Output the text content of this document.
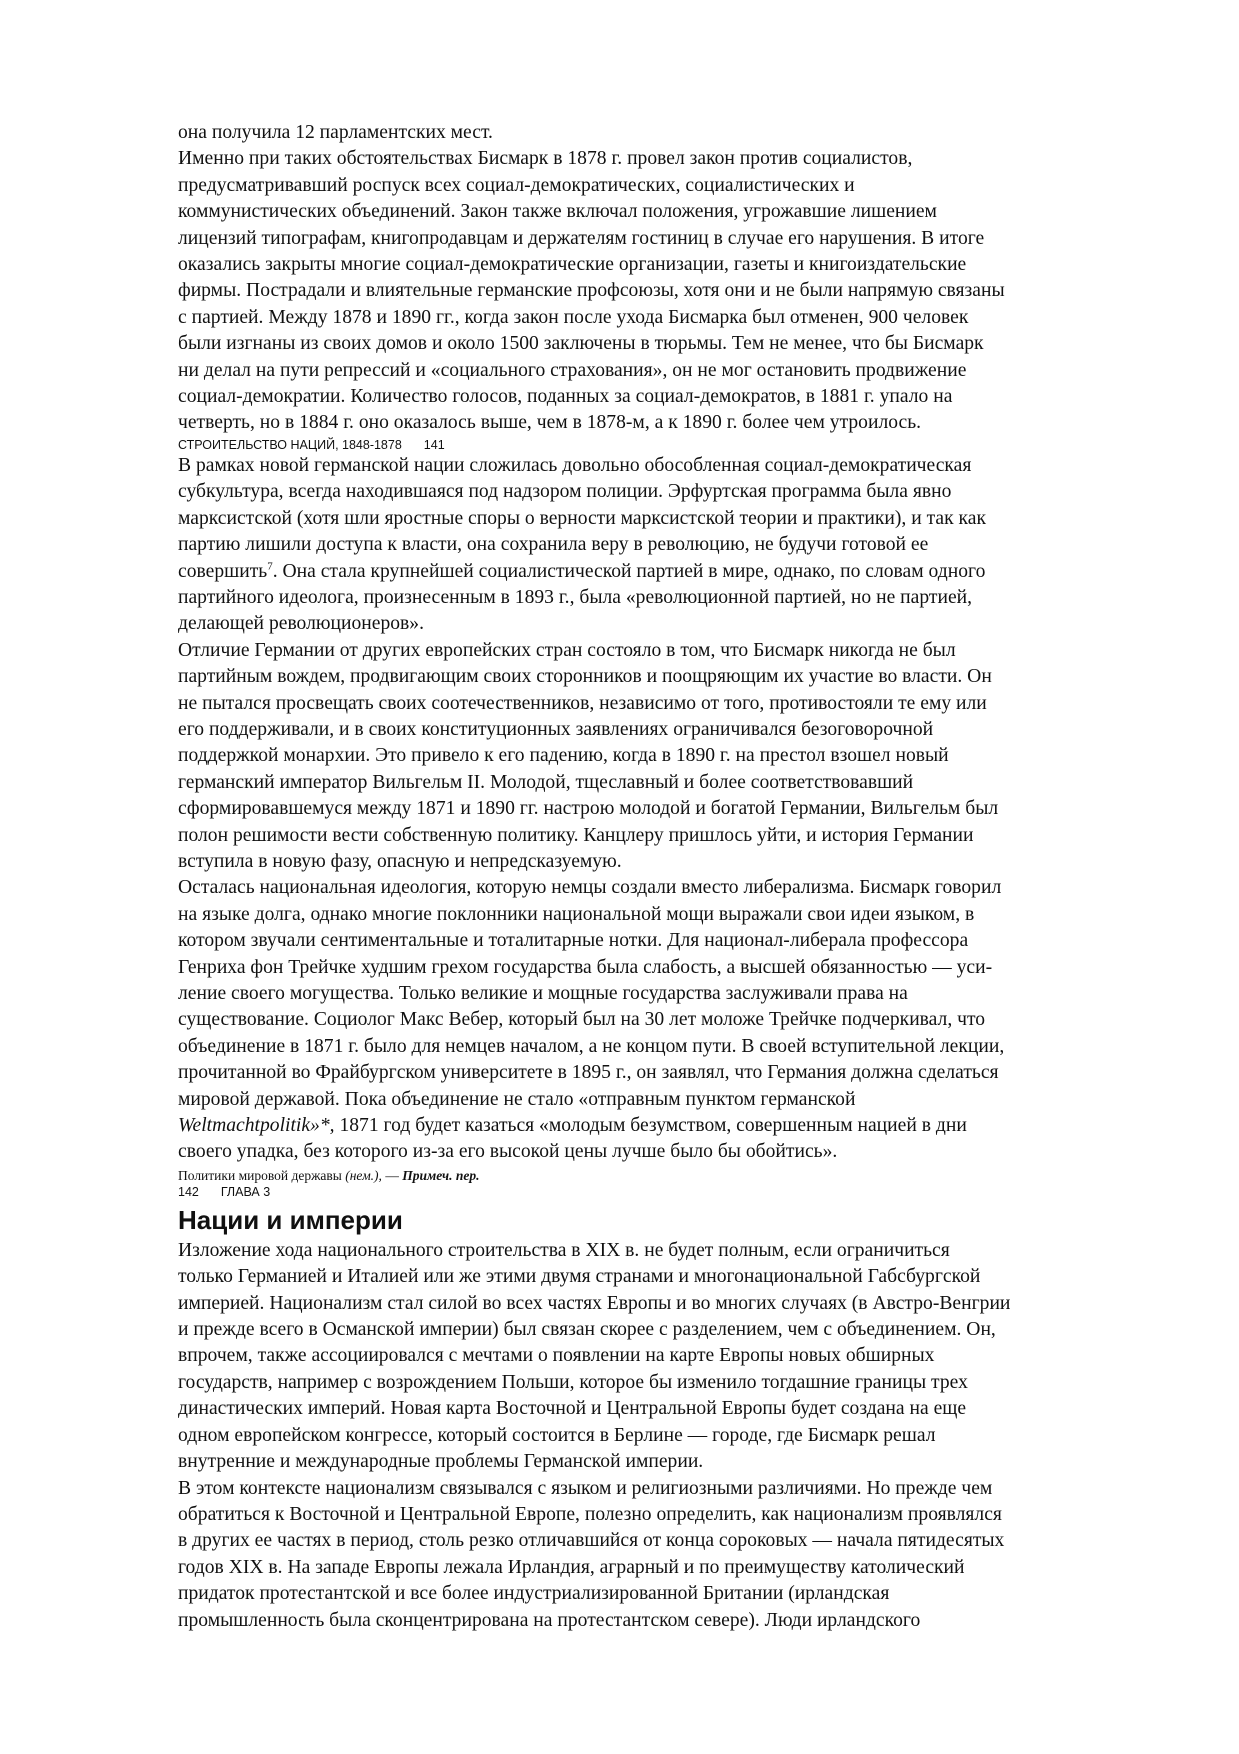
она получила 12 парламентских мест.
Именно при таких обстоятельствах Бисмарк в 1878 г. провел закон против социалистов,
предусматривавший роспуск всех социал-демократических, социалистических и
коммунистических объединений. Закон также включал положения, угрожавшие лишением
лицензий типографам, книгопродавцам и держателям гостиниц в случае его нарушения. В итоге
оказались закрыты многие социал-демократические организации, газеты и книгоиздательские
фирмы. Пострадали и влиятельные германские профсоюзы, хотя они и не были напрямую связаны
с партией. Между 1878 и 1890 гг., когда закон после ухода Бисмарка был отменен, 900 человек
были изгнаны из своих домов и около 1500 заключены в тюрьмы. Тем не менее, что бы Бисмарк
ни делал на пути репрессий и «социального страхования», он не мог остановить продвижение
социал-демократии. Количество голосов, поданных за социал-демократов, в 1881 г. упало на
четверть, но в 1884 г. оно оказалось выше, чем в 1878-м, а к 1890 г. более чем утроилось.
СТРОИТЕЛЬСТВО НАЦИЙ, 1848-1878 141
В рамках новой германской нации сложилась довольно обособленная социал-демократическая
субкультура, всегда находившаяся под надзором полиции. Эрфуртская программа была явно
марксистской (хотя шли яростные споры о верности марксистской теории и практики), и так как
партию лишили доступа к власти, она сохранила веру в революцию, не будучи готовой ее
совершить$^7$. Она стала крупнейшей социалистической партией в мире, однако, по словам одного
партийного идеолога, произнесенным в 1893 г., была «революционной партией, но не партией,
делающей революционеров».
Отличие Германии от других европейских стран состояло в том, что Бисмарк никогда не был
партийным вождем, продвигающим своих сторонников и поощряющим их участие во власти. Он
не пытался просвещать своих соотечественников, независимо от того, противостояли те ему или
его поддерживали, и в своих конституционных заявлениях ограничивался безоговорочной
поддержкой монархии. Это привело к его падению, когда в 1890 г. на престол взошел новый
германский император Вильгельм II. Молодой, тщеславный и более соответствовавший
сформировавшемуся между 1871 и 1890 гг. настрою молодой и богатой Германии, Вильгельм был
полон решимости вести собственную политику. Канцлеру пришлось уйти, и история Германии
вступила в новую фазу, опасную и непредсказуемую.
Осталась национальная идеология, которую немцы создали вместо либерализма. Бисмарк говорил
на языке долга, однако многие поклонники национальной мощи выражали свои идеи языком, в
котором звучали сентиментальные и тоталитарные нотки. Для национал-либерала профессора
Генриха фон Трейчке худшим грехом государства была слабость, а высшей обязанностью — уси-
ление своего могущества. Только великие и мощные государства заслуживали права на
существование. Социолог Макс Вебер, который был на 30 лет моложе Трейчке подчеркивал, что
объединение в 1871 г. было для немцев началом, а не концом пути. В своей вступительной лекции,
прочитанной во Фрайбургском университете в 1895 г., он заявлял, что Германия должна сделаться
мировой державой. Пока объединение не стало «отправным пунктом германской
Weltmachtpolitik»*, 1871 год будет казаться «молодым безумством, совершенным нацией в дни
своего упадка, без которого из-за его высокой цены лучше было бы обойтись».
Политики мировой державы (нем.), — Примеч. пер.
142 ГЛАВА 3
Нации и империи
Изложение хода национального строительства в XIX в. не будет полным, если ограничиться
только Германией и Италией или же этими двумя странами и многонациональной Габсбургской
империей. Национализм стал силой во всех частях Европы и во многих случаях (в Австро-Венгрии
и прежде всего в Османской империи) был связан скорее с разделением, чем с объединением. Он,
впрочем, также ассоциировался с мечтами о появлении на карте Европы новых обширных
государств, например с возрождением Польши, которое бы изменило тогдашние границы трех
династических империй. Новая карта Восточной и Центральной Европы будет создана на еще
одном европейском конгрессе, который состоится в Берлине — городе, где Бисмарк решал
внутренние и международные проблемы Германской империи.
В этом контексте национализм связывался с языком и религиозными различиями. Но прежде чем
обратиться к Восточной и Центральной Европе, полезно определить, как национализм проявлялся
в других ее частях в период, столь резко отличавшийся от конца сороковых — начала пятидесятых
годов XIX в. На западе Европы лежала Ирландия, аграрный и по преимуществу католический
придаток протестантской и все более индустриализированной Британии (ирландская
промышленность была сконцентрирована на протестантском севере). Люди ирландского
